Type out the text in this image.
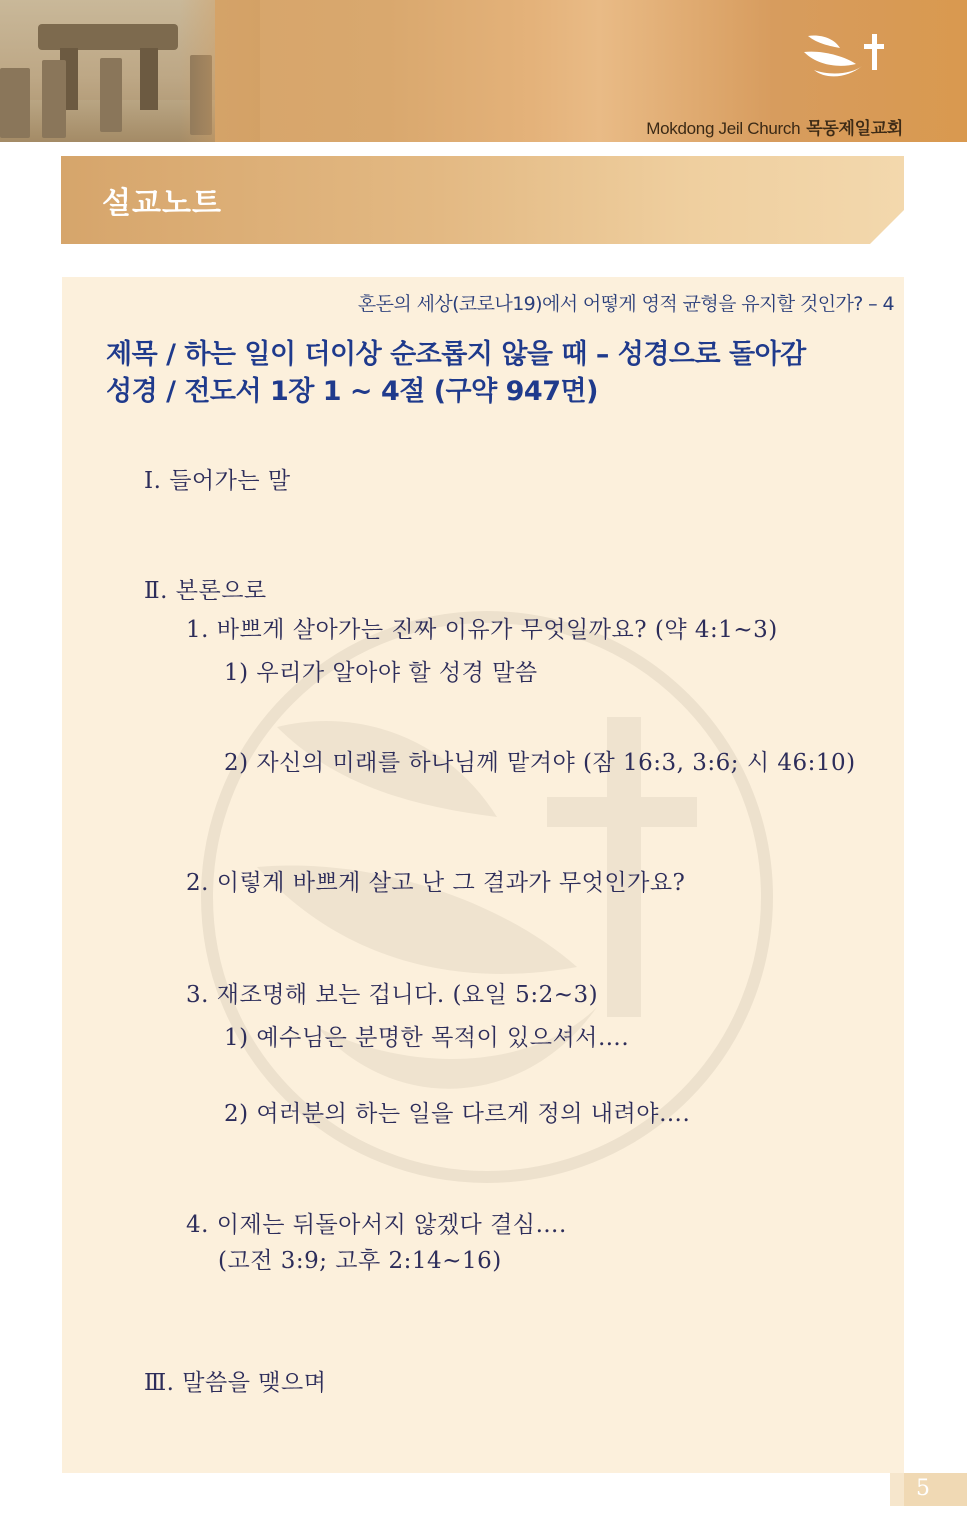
Mokdong Jeil Church 목동제일교회
설교노트
혼돈의 세상(코로나19)에서 어떻게 영적 균형을 유지할 것인가? – 4
제목 / 하는 일이 더이상 순조롭지 않을 때 – 성경으로 돌아감
성경 / 전도서 1장 1 ~ 4절 (구약 947면)
Ⅰ. 들어가는 말
Ⅱ. 본론으로
1. 바쁘게 살아가는 진짜 이유가 무엇일까요? (약 4:1~3)
1) 우리가 알아야 할 성경 말씀
2) 자신의 미래를 하나님께 맡겨야 (잠 16:3, 3:6; 시 46:10)
2. 이렇게 바쁘게 살고 난 그 결과가 무엇인가요?
3. 재조명해 보는 겁니다. (요일 5:2~3)
1) 예수님은 분명한 목적이 있으셔서….
2) 여러분의 하는 일을 다르게 정의 내려야….
4. 이제는 뒤돌아서지 않겠다 결심….
(고전 3:9; 고후 2:14~16)
Ⅲ. 말씀을 맺으며
5
